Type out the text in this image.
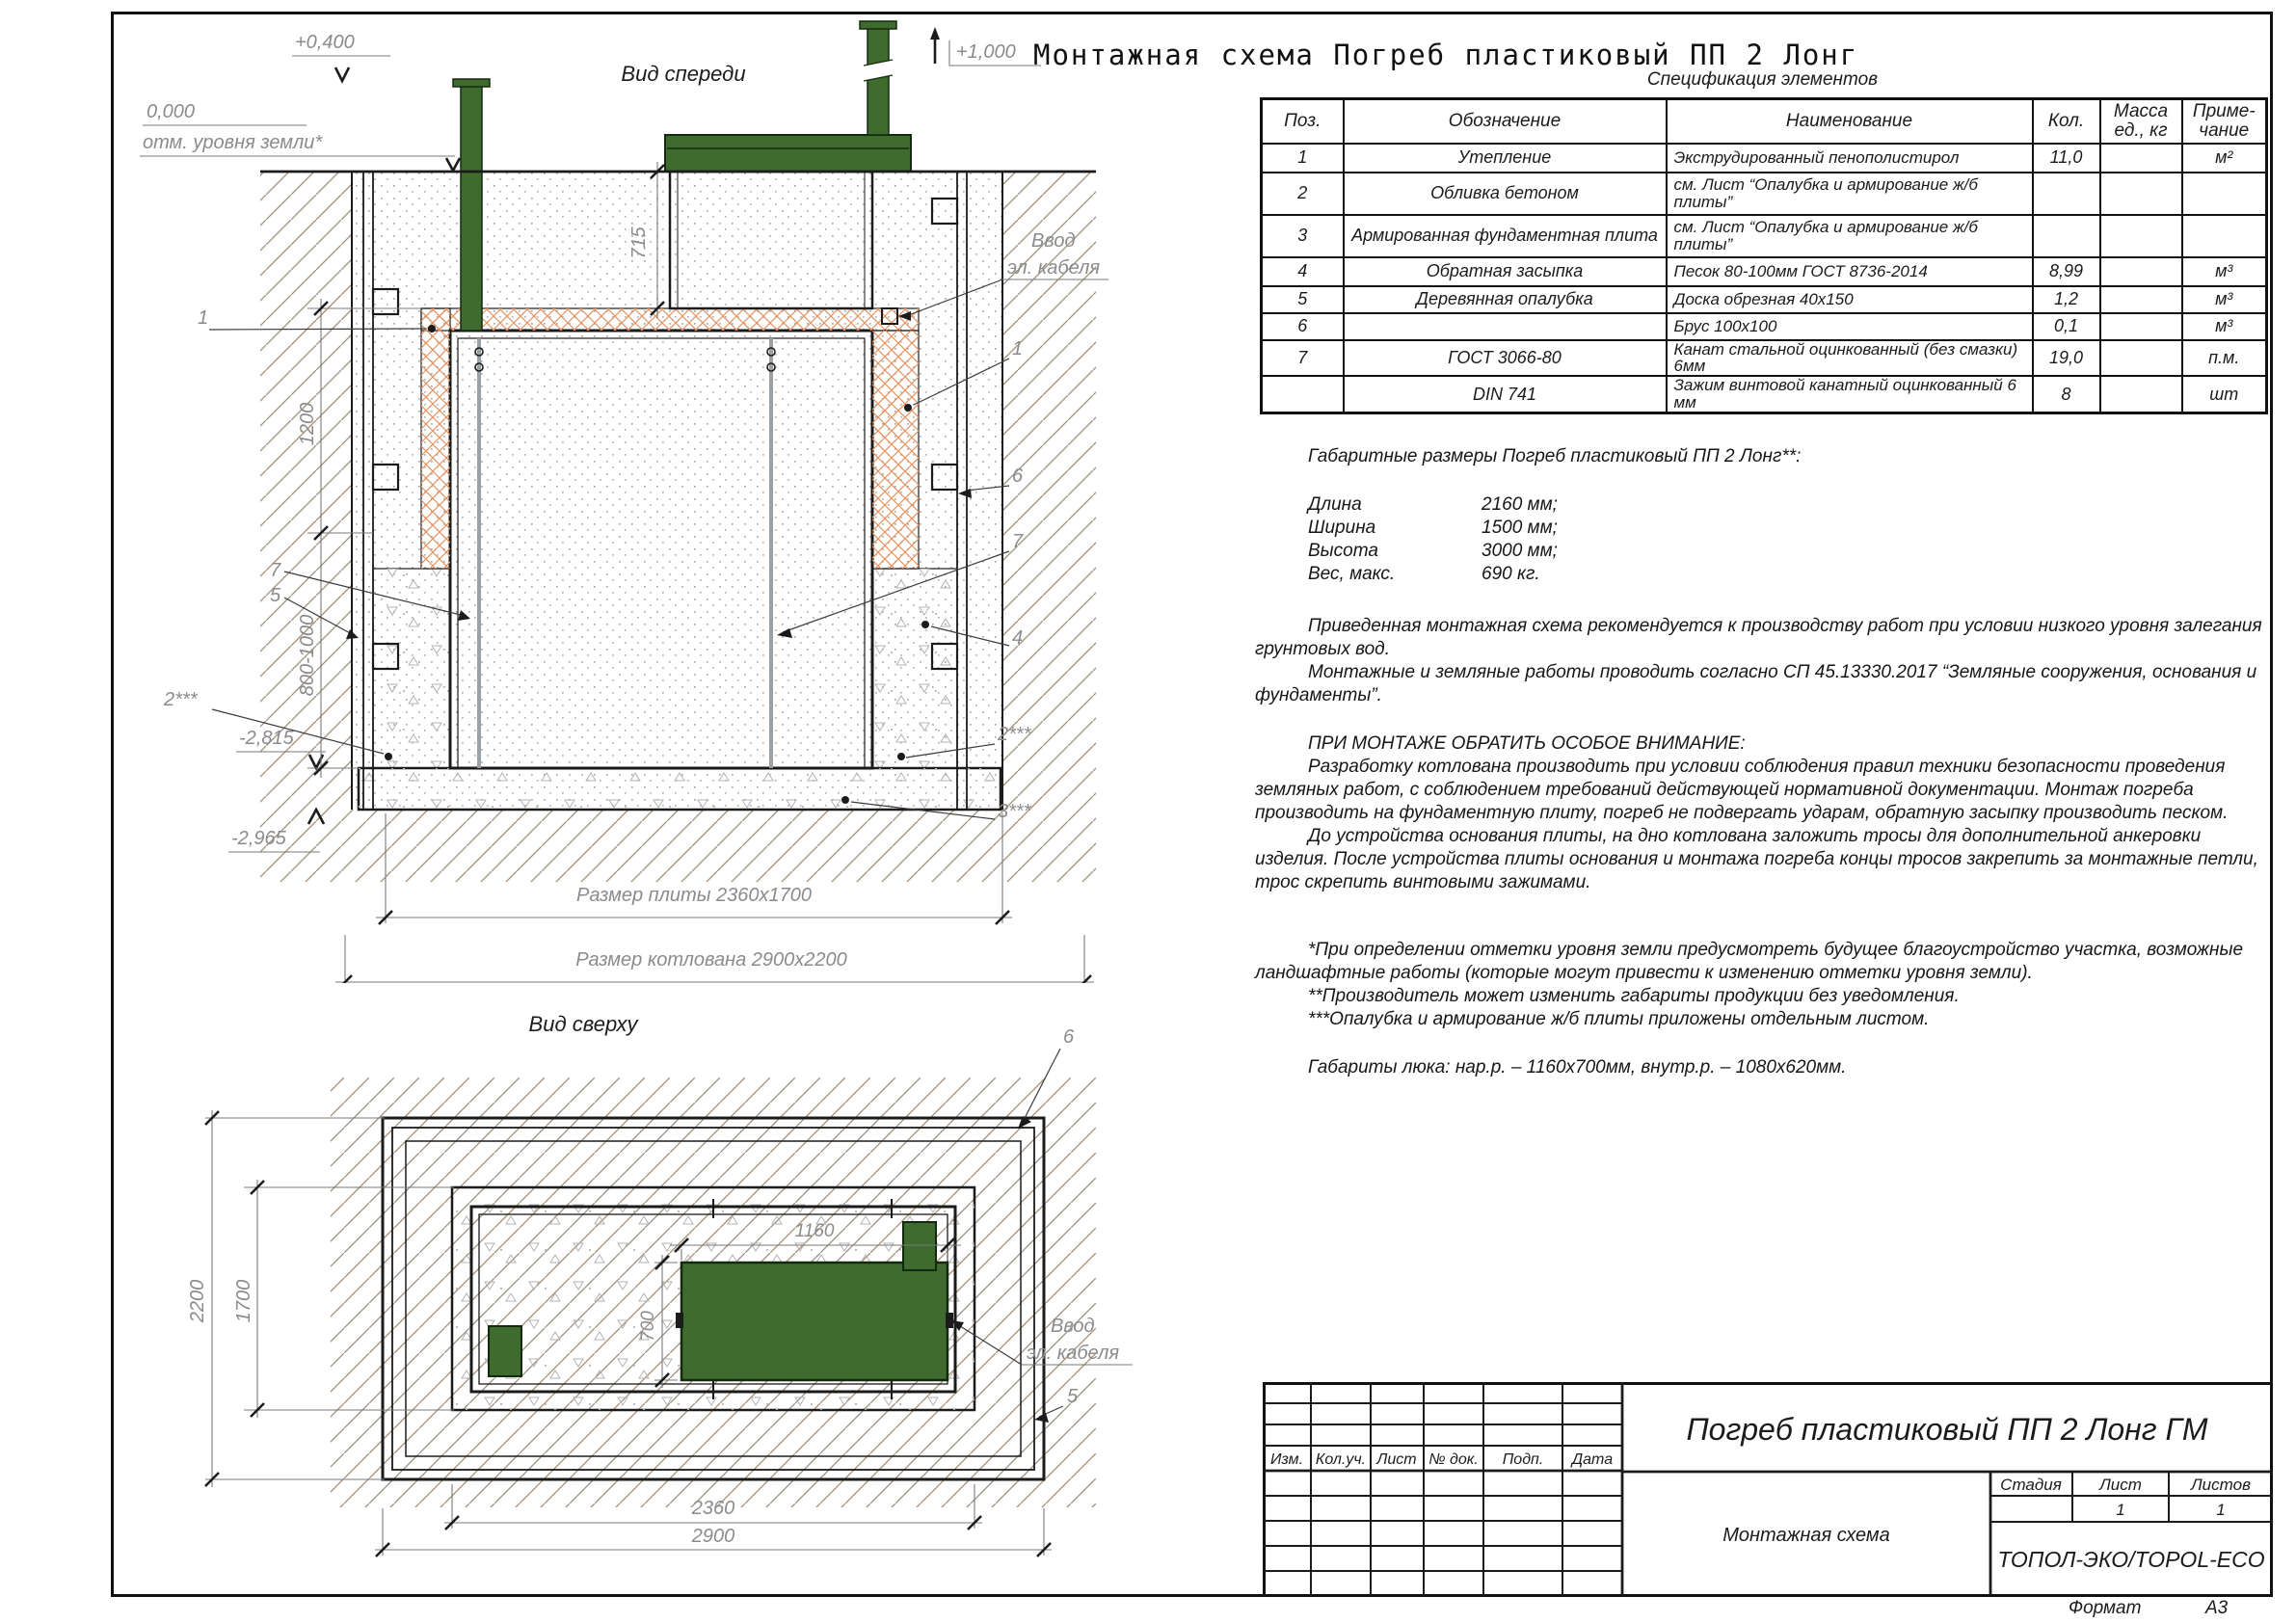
Вид спереди
+0,400	+1,000
0,000
отм. уровня земли*
-2,815
-2,965
715
1200
800-1000
Размер плиты 2360х1700
Размер котлована 2900х2200
1
7
5
2***
Ввод
эл. кабеля
1
6
7
4
2***
3***
Вид сверху
2200 1700
1160
700
2360
2900
6
5
Ввод
эл. кабеля
Монтажная схема Погреб пластиковый ПП 2 Лонг
Спецификация элементов
Поз.	Обозначение	Наименование	Кол.	Масса
ед., кг

Приме-
чание

1	Утепление	Экструдированный пенополистирол	11,0		м²
2	Обливка бетоном	см. Лист “Опалубка и армирование ж/б плиты”			
3	Армированная фундаментная плита	см. Лист “Опалубка и армирование ж/б плиты”			
4	Обратная засыпка	Песок 80-100мм ГОСТ 8736-2014	8,99		м³
5	Деревянная опалубка	Доска обрезная 40х150	1,2		м³
6		Брус 100х100	0,1		м³
7	ГОСТ 3066-80	Канат стальной оцинкованный (без смазки) 6мм	19,0		п.м.
	DIN 741	Зажим винтовой канатный оцинкованный 6 мм	8		шт

Габаритные размеры Погреб пластиковый ПП 2 Лонг**:

Длина	2160 мм;
Ширина	1500 мм;
Высота	3000 мм;
Вес, макс.	690 кг.

Приведенная монтажная схема рекомендуется к производству работ при условии низкого уровня залегания грунтовых вод.

Монтажные и земляные работы проводить согласно СП 45.13330.2017 “Земляные сооружения, основания и фундаменты”.

ПРИ МОНТАЖЕ ОБРАТИТЬ ОСОБОЕ ВНИМАНИЕ:

Разработку котлована производить при условии соблюдения правил техники безопасности проведения земляных работ, с соблюдением требований действующей нормативной документации. Монтаж погреба производить на фундаментную плиту, погреб не подвергать ударам, обратную засыпку производить песком.

До устройства основания плиты, на дно котлована заложить тросы для дополнительной анкеровки изделия. После устройства плиты основания и монтажа погреба концы тросов закрепить за монтажные петли, трос скрепить винтовыми зажимами.

*При определении отметки уровня земли предусмотреть будущее благоустройство участка, возможные ландшафтные работы (которые могут привести к изменению отметки уровня земли).

**Производитель может изменить габариты продукции без уведомления.

***Опалубка и армирование ж/б плиты приложены отдельным листом.

Габариты люка: нар.р. – 1160х700мм, внутр.р. – 1080х620мм.

Изм. Кол.уч. Лист № док. Подп. Дата
Погреб пластиковый ПП 2 Лонг ГМ
Монтажная схема
Стадия Лист	Листов
1	1
ТОПОЛ-ЭКО/TOPOL-ECO
Формат	А3
